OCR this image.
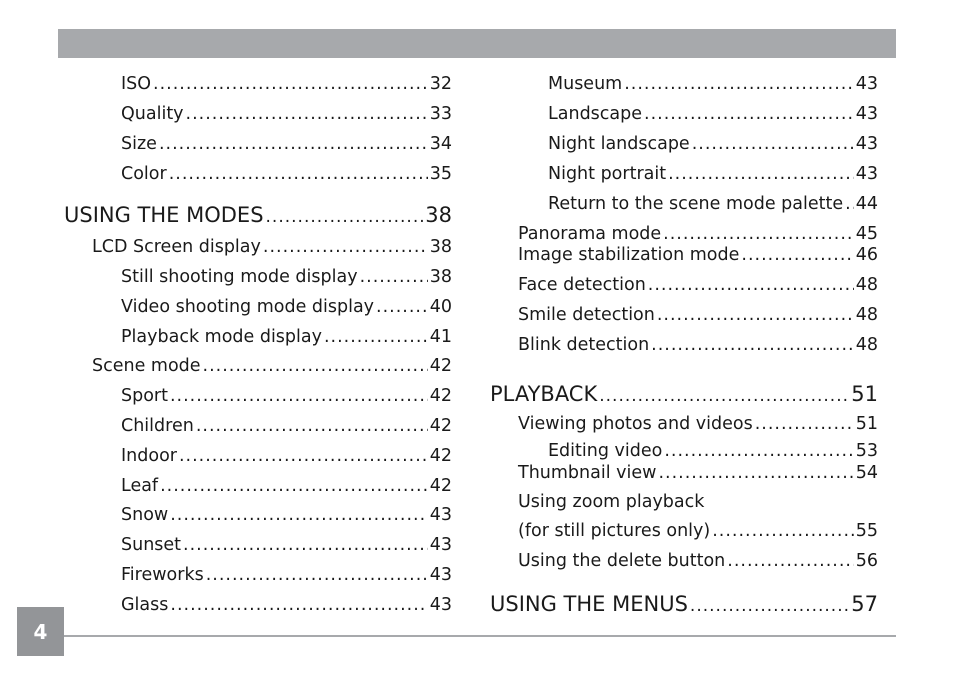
ISO .....	32
Quality .....	33
Size .....	34
Color .....	35
USING THE MODES .....	38
LCD Screen display .....	38
Still shooting mode display .....	38
Video shooting mode display .....	40
Playback mode display .....	41
Scene mode .....	42
Sport .....	42
Children .....	42
Indoor .....	42
Leaf .....	42
Snow .....	43
Sunset .....	43
Fireworks .....	43
Glass .....	43
Museum .....	43
Landscape .....	43
Night landscape .....	43
Night portrait .....	43
Return to the scene mode palette ..... 44
Panorama mode .....	45
Image stabilization mode .....	46
Face detection .....	48
Smile detection .....	48
Blink detection .....	48
PLAYBACK .....	51
Viewing photos and videos .....	51
Editing video .....	53
Thumbnail view .....	54
Using zoom playback
(for still pictures only) .....	55
Using the delete button .....	56
USING THE MENUS .....	57
4
